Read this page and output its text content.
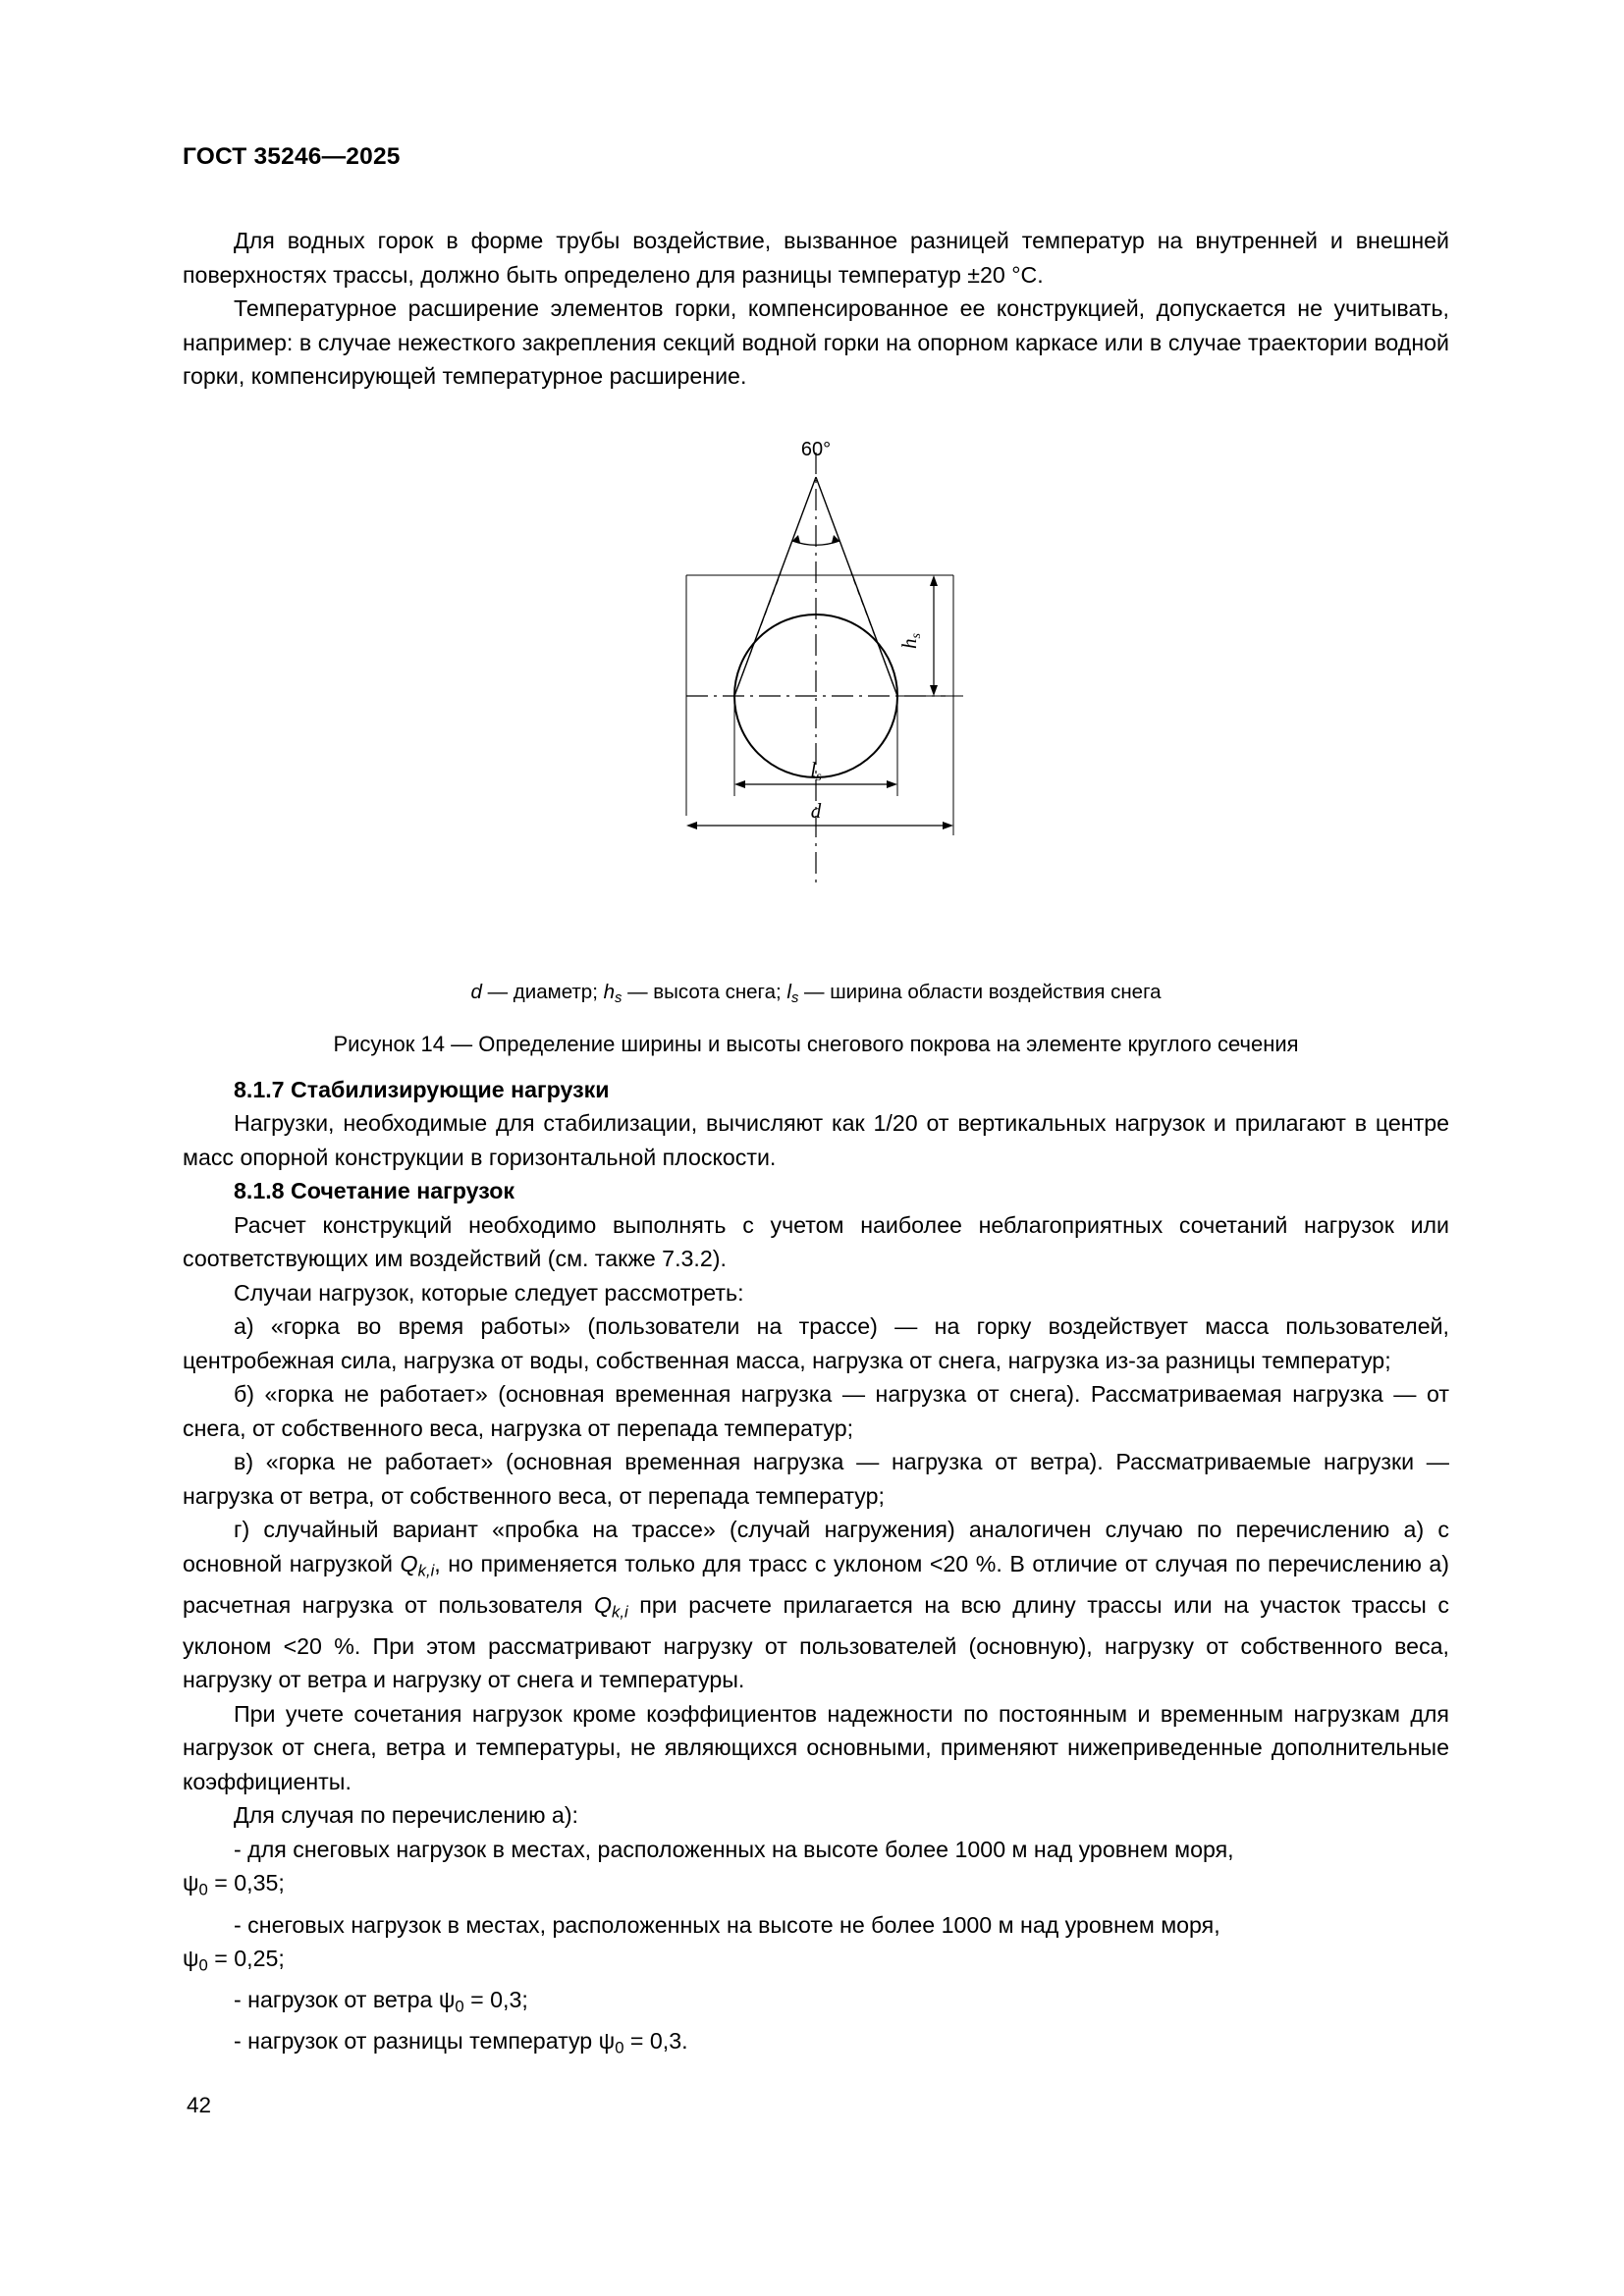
ГОСТ 35246—2025

Для водных горок в форме трубы воздействие, вызванное разницей температур на внутренней и внешней поверхностях трассы, должно быть определено для разницы температур ±20 °С.

Температурное расширение элементов горки, компенсированное ее конструкцией, допускается не учитывать, например: в случае нежесткого закрепления секций водной горки на опорном каркасе или в случае траектории водной горки, компенсирующей температурное расширение.

60°
hs
ls
d
d — диаметр; $h_s$ — высота снега; $l_s$ — ширина области воздействия снега
Рисунок 14 — Определение ширины и высоты снегового покрова на элементе круглого сечения
8.1.7 Стабилизирующие нагрузки

Нагрузки, необходимые для стабилизации, вычисляют как 1/20 от вертикальных нагрузок и прилагают в центре масс опорной конструкции в горизонтальной плоскости.

8.1.8 Сочетание нагрузок

Расчет конструкций необходимо выполнять с учетом наиболее неблагоприятных сочетаний нагрузок или соответствующих им воздействий (см. также 7.3.2).

Случаи нагрузок, которые следует рассмотреть:

а) «горка во время работы» (пользователи на трассе) — на горку воздействует масса пользователей, центробежная сила, нагрузка от воды, собственная масса, нагрузка от снега, нагрузка из-за разницы температур;

б) «горка не работает» (основная временная нагрузка — нагрузка от снега). Рассматриваемая нагрузка — от снега, от собственного веса, нагрузка от перепада температур;

в) «горка не работает» (основная временная нагрузка — нагрузка от ветра). Рассматриваемые нагрузки — нагрузка от ветра, от собственного веса, от перепада температур;

г) случайный вариант «пробка на трассе» (случай нагружения) аналогичен случаю по перечислению а) с основной нагрузкой $Q_{k,i}$, но применяется только для трасс с уклоном <20 %. В отличие от случая по перечислению а) расчетная нагрузка от пользователя $Q_{k,i}$ при расчете прилагается на всю длину трассы или на участок трассы с уклоном <20 %. При этом рассматривают нагрузку от пользователей (основную), нагрузку от собственного веса, нагрузку от ветра и нагрузку от снега и температуры.

При учете сочетания нагрузок кроме коэффициентов надежности по постоянным и временным нагрузкам для нагрузок от снега, ветра и температуры, не являющихся основными, применяют нижеприведенные дополнительные коэффициенты.

Для случая по перечислению а):

- для снеговых нагрузок в местах, расположенных на высоте более 1000 м над уровнем моря,

$\psi_0 = 0,35$;

- снеговых нагрузок в местах, расположенных на высоте не более 1000 м над уровнем моря,

$\psi_0 = 0,25$;

- нагрузок от ветра $\psi_0 = 0,3$;

- нагрузок от разницы температур $\psi_0 = 0,3$.

42
